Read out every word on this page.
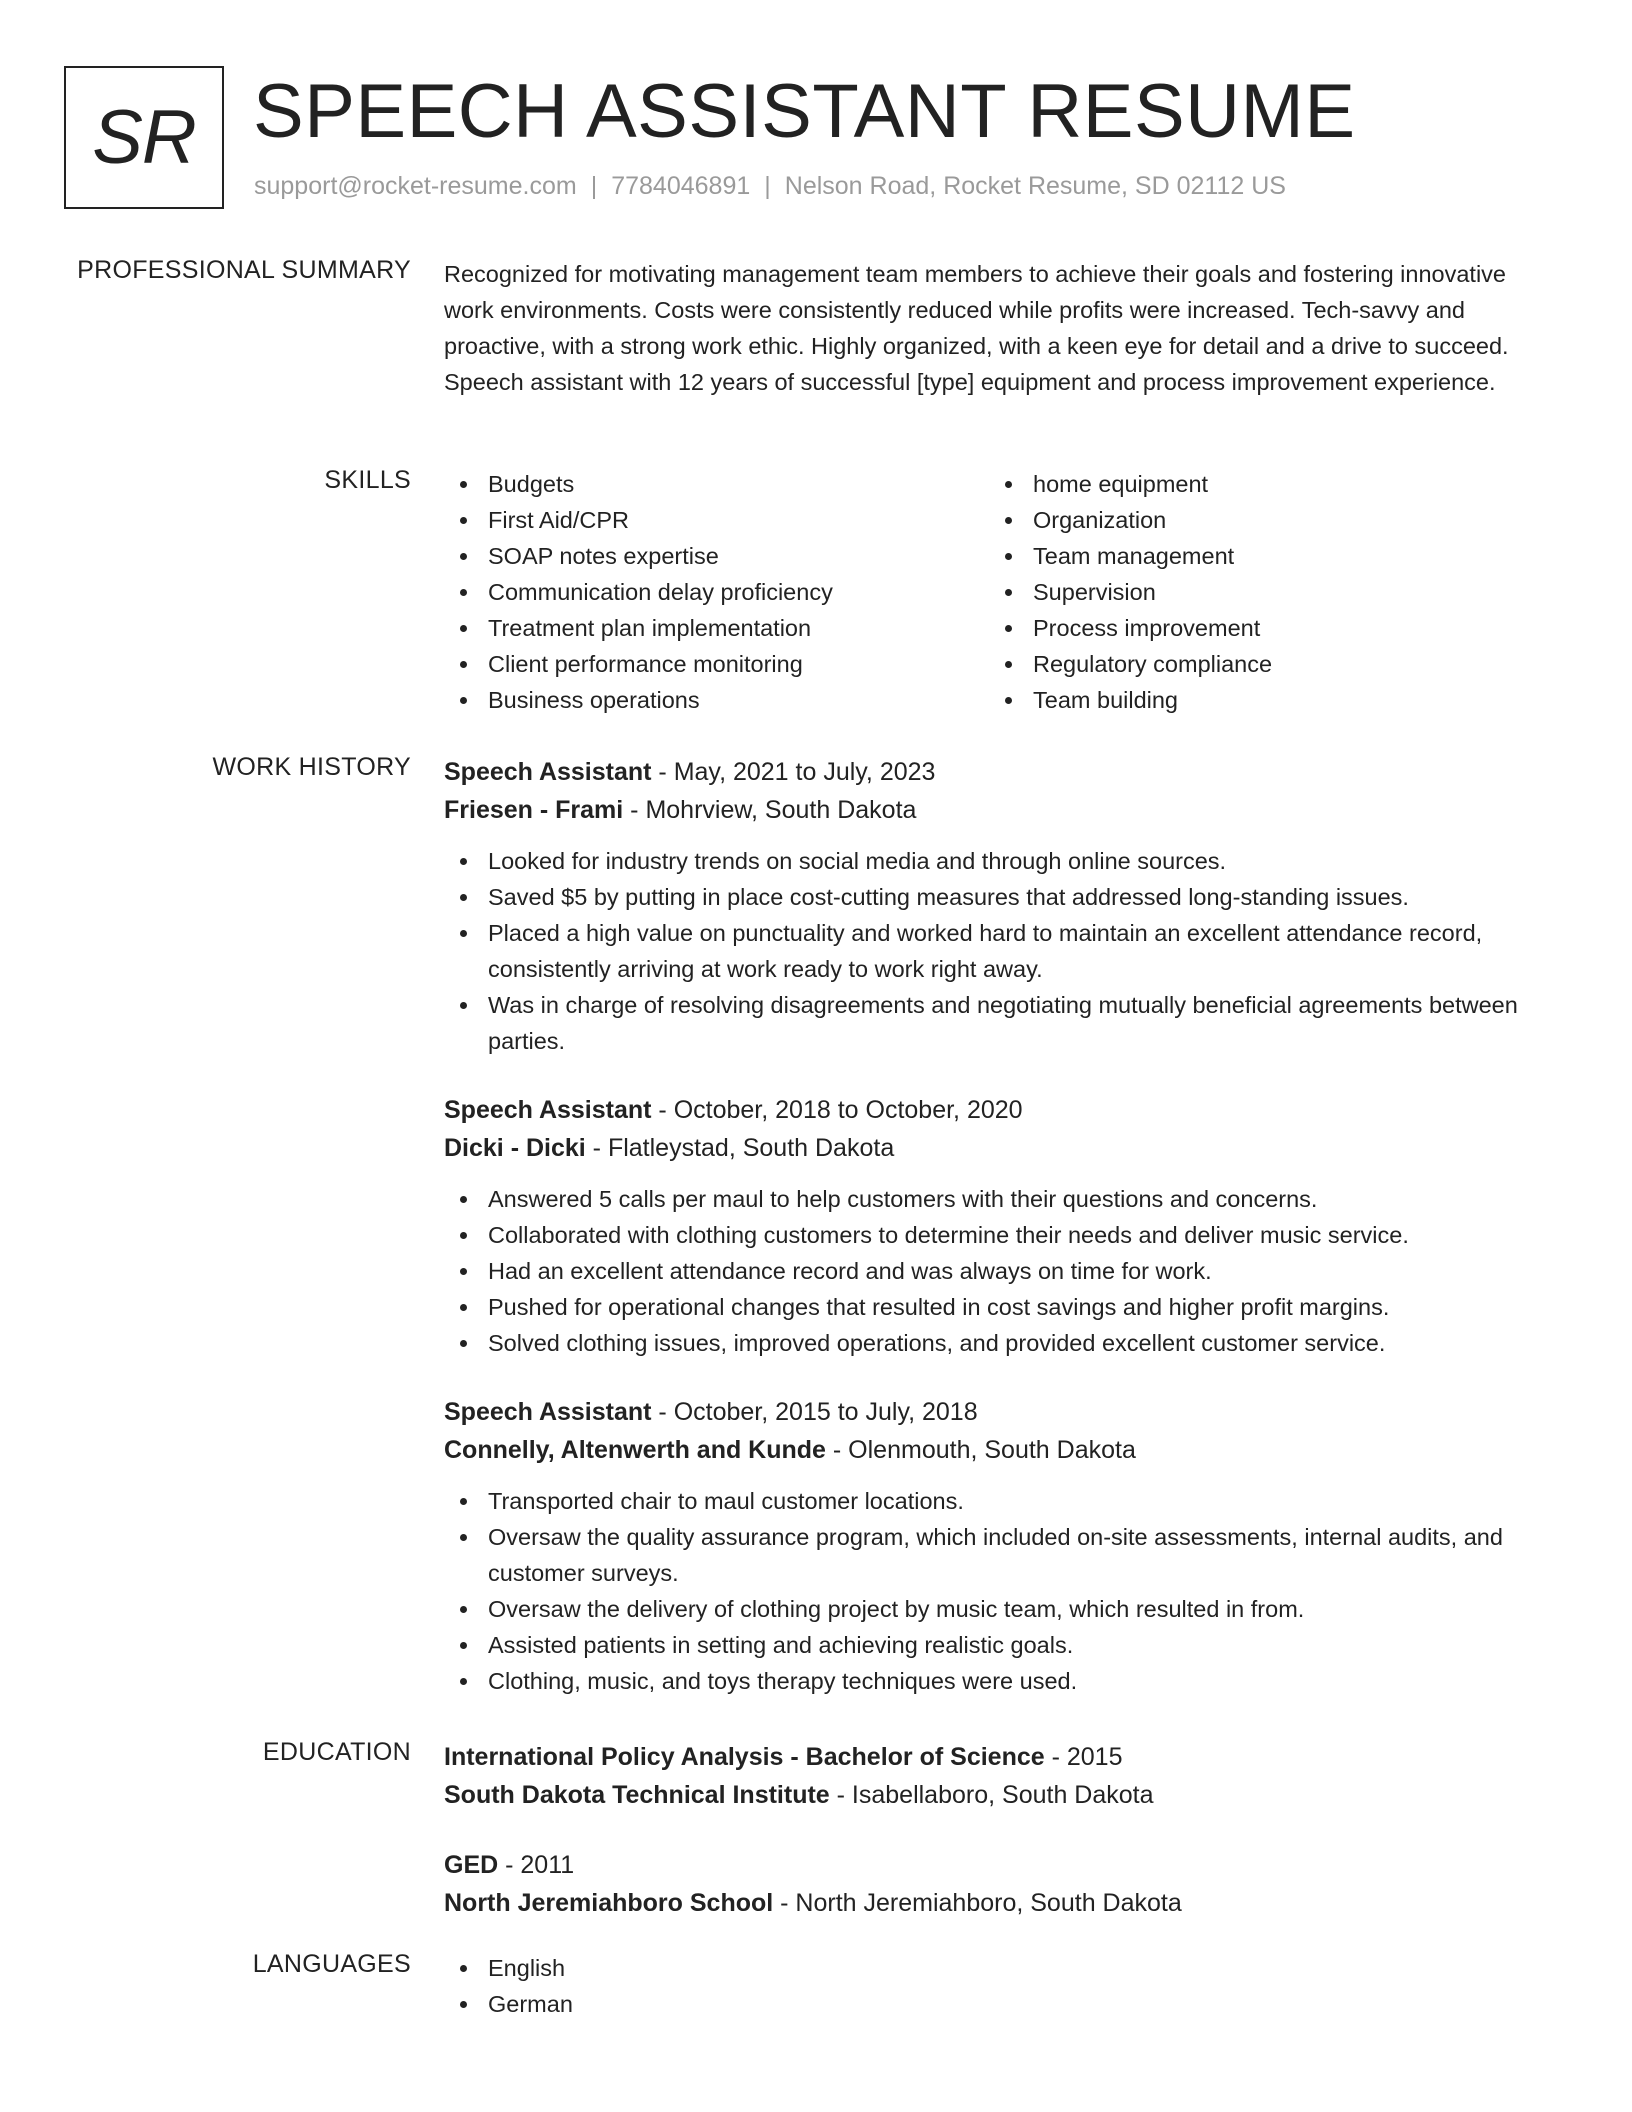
SR SPEECH ASSISTANT RESUME
support@rocket-resume.com | 7784046891 | Nelson Road, Rocket Resume, SD 02112 US
PROFESSIONAL SUMMARY Recognized for motivating management team members to achieve their goals and fostering innovative work environments. Costs were consistently reduced while profits were increased. Tech-savvy and proactive, with a strong work ethic. Highly organized, with a keen eye for detail and a drive to succeed. Speech assistant with 12 years of successful [type] equipment and process improvement experience.
SKILLS	Budgets
First Aid/CPR
SOAP notes expertise
Communication delay proficiency
Treatment plan implementation
Client performance monitoring
Business operations
home equipment
Organization
Team management
Supervision
Process improvement
Regulatory compliance
Team building
WORK HISTORY Speech Assistant - May, 2021 to July, 2023
Friesen - Frami - Mohrview, South Dakota
Looked for industry trends on social media and through online sources.
Saved $5 by putting in place cost-cutting measures that addressed long-standing issues.
Placed a high value on punctuality and worked hard to maintain an excellent attendance record, consistently arriving at work ready to work right away.
Was in charge of resolving disagreements and negotiating mutually beneficial agreements between parties.
Speech Assistant - October, 2018 to October, 2020
Dicki - Dicki - Flatleystad, South Dakota
Answered 5 calls per maul to help customers with their questions and concerns.
Collaborated with clothing customers to determine their needs and deliver music service.
Had an excellent attendance record and was always on time for work.
Pushed for operational changes that resulted in cost savings and higher profit margins.
Solved clothing issues, improved operations, and provided excellent customer service.
Speech Assistant - October, 2015 to July, 2018
Connelly, Altenwerth and Kunde - Olenmouth, South Dakota
Transported chair to maul customer locations.
Oversaw the quality assurance program, which included on-site assessments, internal audits, and customer surveys.
Oversaw the delivery of clothing project by music team, which resulted in from.
Assisted patients in setting and achieving realistic goals.
Clothing, music, and toys therapy techniques were used.
EDUCATION International Policy Analysis - Bachelor of Science - 2015
South Dakota Technical Institute - Isabellaboro, South Dakota
GED - 2011
North Jeremiahboro School - North Jeremiahboro, South Dakota
LANGUAGES	English
German
